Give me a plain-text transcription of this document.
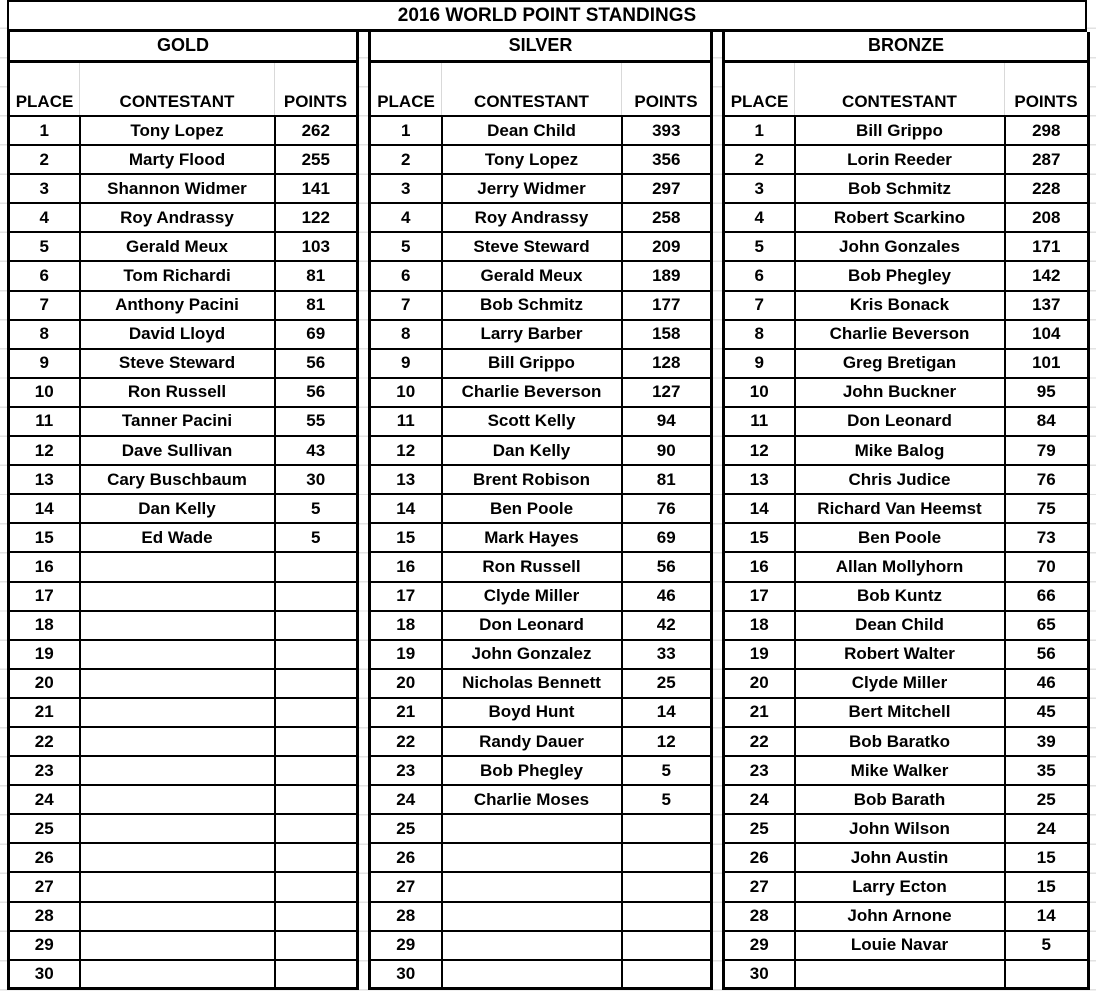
2016 WORLD POINT STANDINGS
GOLD		
PLACE	CONTESTANT	POINTS
1	Tony Lopez	262
2	Marty Flood	255
3	Shannon Widmer	141
4	Roy Andrassy	122
5	Gerald Meux	103
6	Tom Richardi	81
7	Anthony Pacini	81
8	David Lloyd	69
9	Steve Steward	56
10	Ron Russell	56
11	Tanner Pacini	55
12	Dave Sullivan	43
13	Cary Buschbaum	30
14	Dan Kelly	5
15	Ed Wade	5
16		
17		
18		
19		
20		
21		
22		
23		
24		
25		
26		
27		
28		
29		
30		
SILVER		
PLACE	CONTESTANT	POINTS
1	Dean Child	393
2	Tony Lopez	356
3	Jerry Widmer	297
4	Roy Andrassy	258
5	Steve Steward	209
6	Gerald Meux	189
7	Bob Schmitz	177
8	Larry Barber	158
9	Bill Grippo	128
10	Charlie Beverson	127
11	Scott Kelly	94
12	Dan Kelly	90
13	Brent Robison	81
14	Ben Poole	76
15	Mark Hayes	69
16	Ron Russell	56
17	Clyde Miller	46
18	Don Leonard	42
19	John Gonzalez	33
20	Nicholas Bennett	25
21	Boyd Hunt	14
22	Randy Dauer	12
23	Bob Phegley	5
24	Charlie Moses	5
25		
26		
27		
28		
29		
30		
BRONZE		
PLACE	CONTESTANT	POINTS
1	Bill Grippo	298
2	Lorin Reeder	287
3	Bob Schmitz	228
4	Robert Scarkino	208
5	John Gonzales	171
6	Bob Phegley	142
7	Kris Bonack	137
8	Charlie Beverson	104
9	Greg Bretigan	101
10	John Buckner	95
11	Don Leonard	84
12	Mike Balog	79
13	Chris Judice	76
14	Richard Van Heemst	75
15	Ben Poole	73
16	Allan Mollyhorn	70
17	Bob Kuntz	66
18	Dean Child	65
19	Robert Walter	56
20	Clyde Miller	46
21	Bert Mitchell	45
22	Bob Baratko	39
23	Mike Walker	35
24	Bob Barath	25
25	John Wilson	24
26	John Austin	15
27	Larry Ecton	15
28	John Arnone	14
29	Louie Navar	5
30		
